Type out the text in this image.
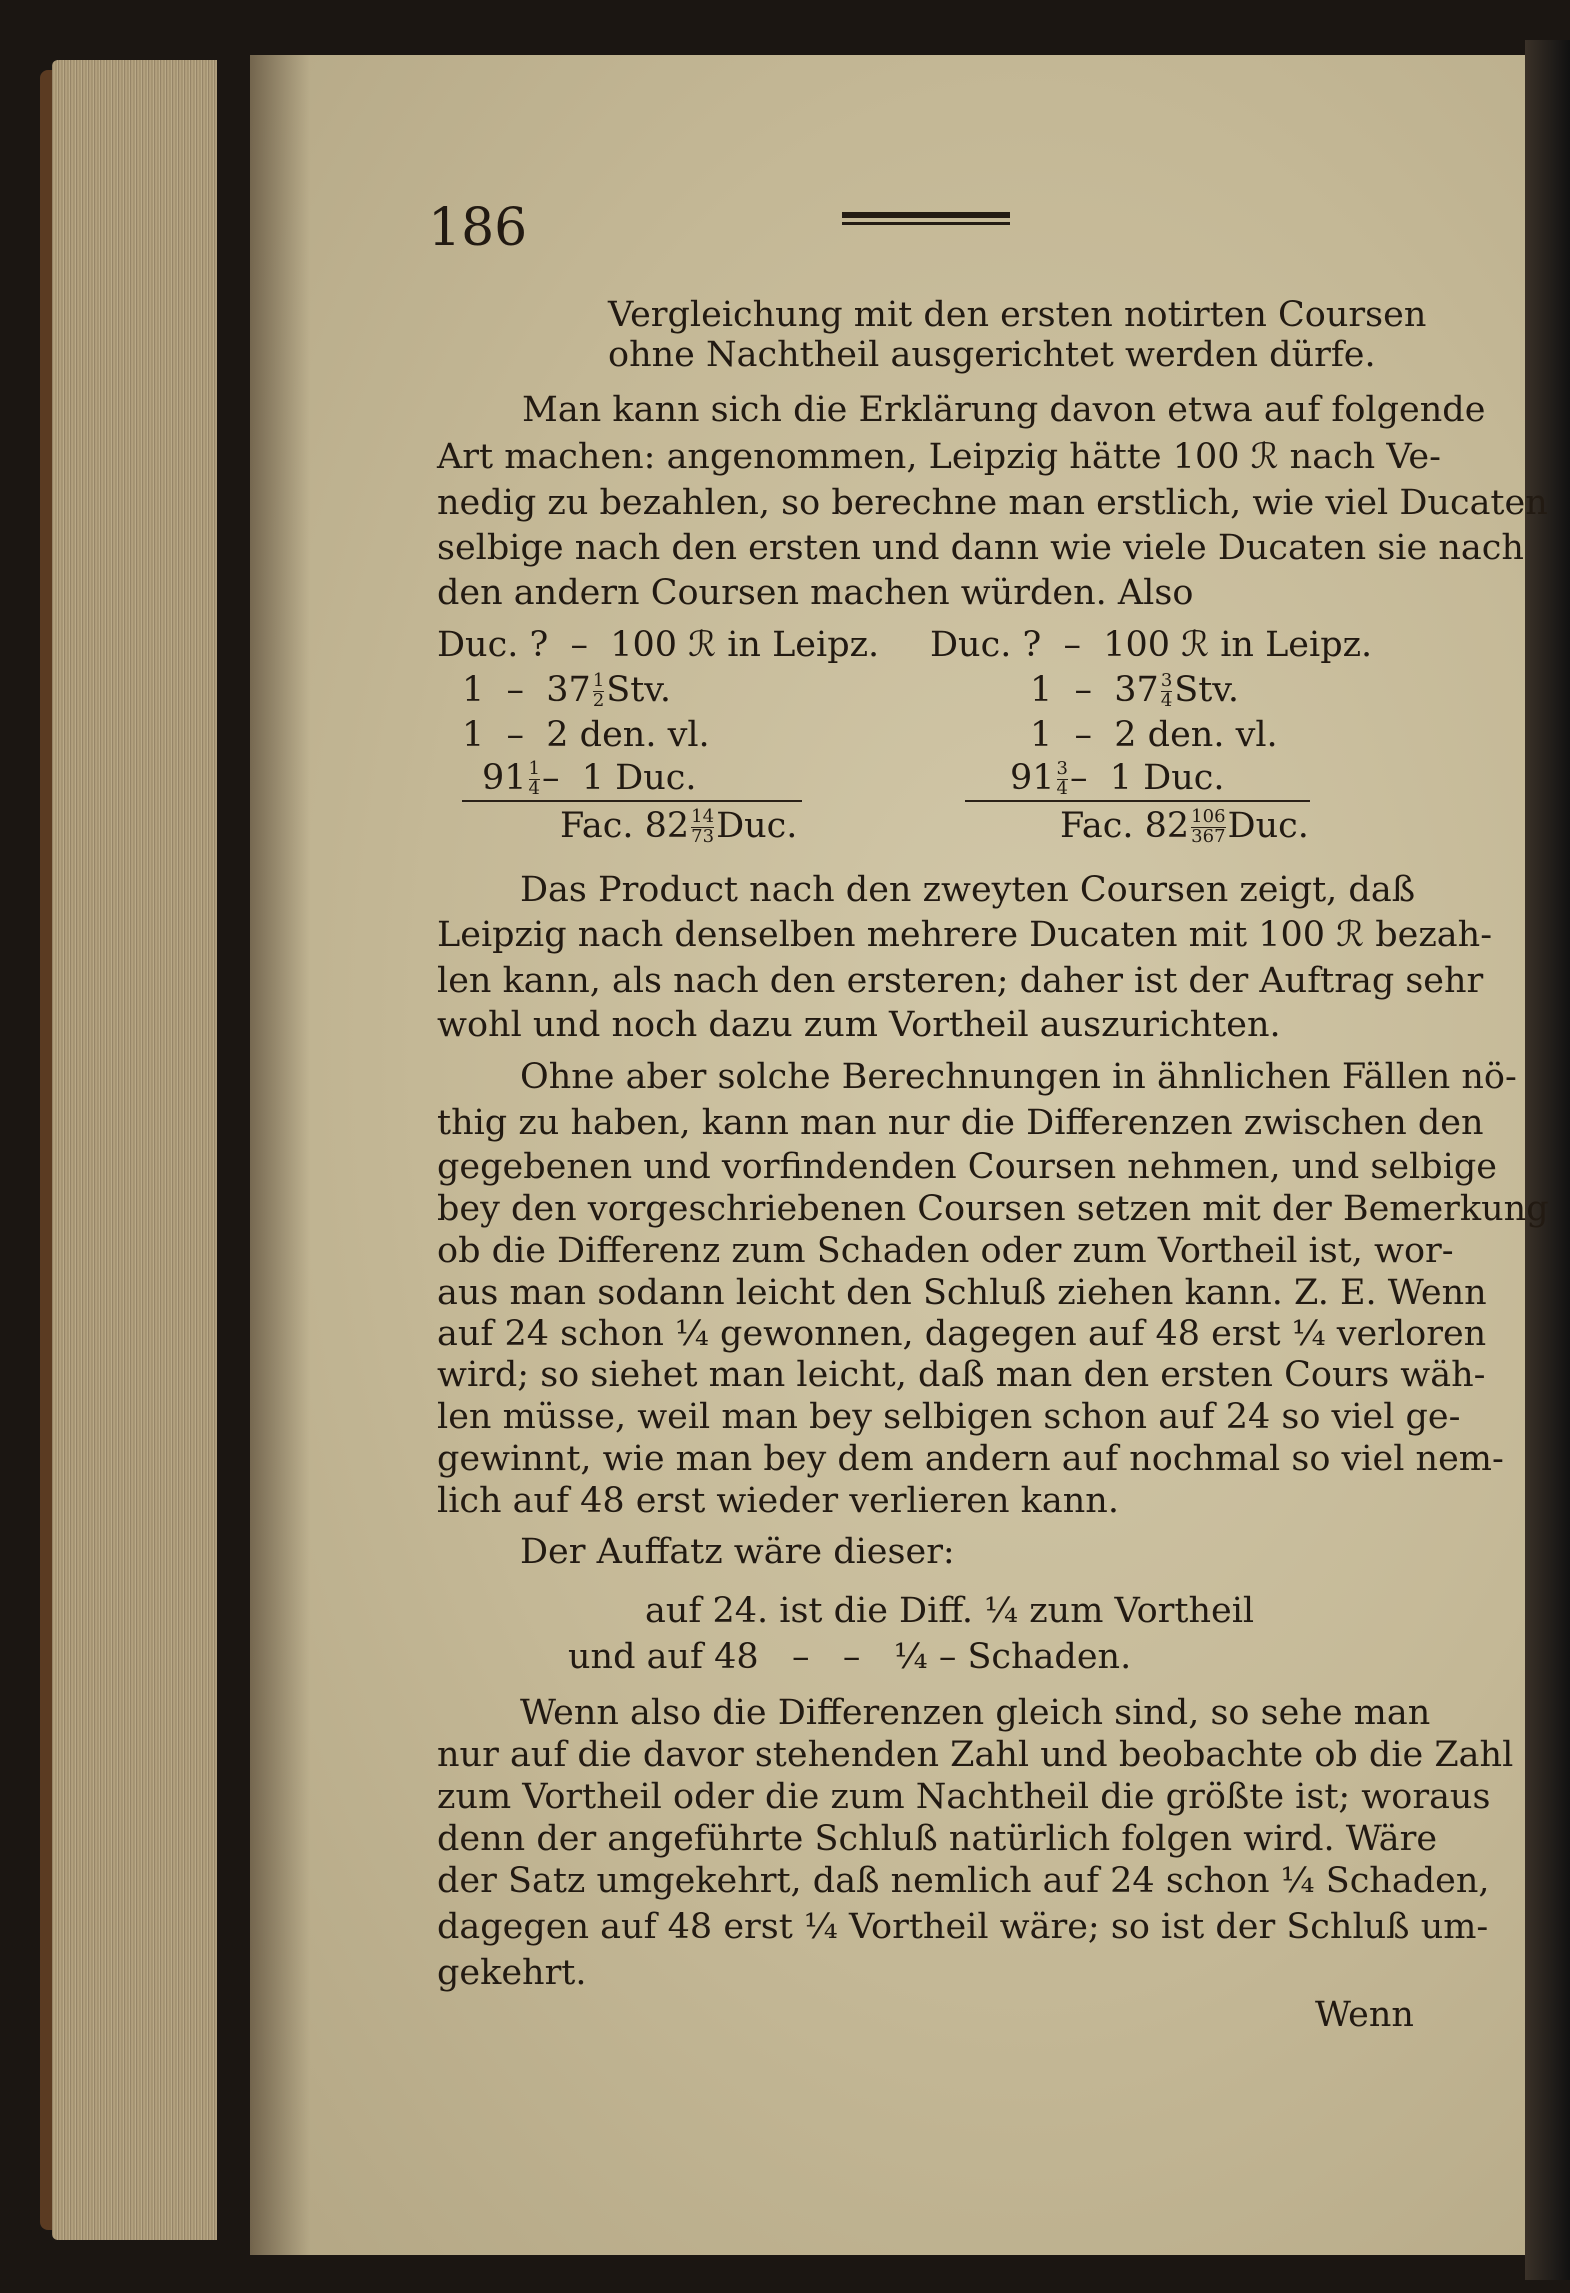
186
Vergleichung mit den ersten notirten Coursen
ohne Nachtheil ausgerichtet werden dürfe.
Man kann sich die Erklärung davon etwa auf folgende
Art machen: angenommen, Leipzig hätte 100 ℛ nach Ve-
nedig zu bezahlen, so berechne man erstlich, wie viel Ducaten
selbige nach den ersten und dann wie viele Ducaten sie nach
den andern Coursen machen würden. Also
Duc. ?  –  100 ℛ in Leipz.
$1 - 37 \frac{1}{2}$ Stv.
1  –  2 den. vl.
$91 \frac{1}{4} - 1$ Duc.
Fac. $82 \frac{14}{73}$ Duc.
Duc. ?  –  100 ℛ in Leipz.
$1 - 37 \frac{3}{4}$ Stv.
1  –  2 den. vl.
$91 \frac{3}{4} - 1$ Duc.
Fac. $82 \frac{106}{367}$ Duc.
Das Product nach den zweyten Coursen zeigt, daß
Leipzig nach denselben mehrere Ducaten mit 100 ℛ bezah-
len kann, als nach den ersteren; daher ist der Auftrag sehr
wohl und noch dazu zum Vortheil auszurichten.
Ohne aber solche Berechnungen in ähnlichen Fällen nö-
thig zu haben, kann man nur die Differenzen zwischen den
gegebenen und vorfindenden Coursen nehmen, und selbige
bey den vorgeschriebenen Coursen setzen mit der Bemerkung
ob die Differenz zum Schaden oder zum Vortheil ist, wor-
aus man sodann leicht den Schluß ziehen kann. Z. E. Wenn
auf 24 schon ¼ gewonnen, dagegen auf 48 erst ¼ verloren
wird; so siehet man leicht, daß man den ersten Cours wäh-
len müsse, weil man bey selbigen schon auf 24 so viel ge-
gewinnt, wie man bey dem andern auf nochmal so viel nem-
lich auf 48 erst wieder verlieren kann.
Der Auffatz wäre dieser:
auf 24. ist die Diff. ¼ zum Vortheil
und auf 48   –   –   ¼ – Schaden.
Wenn also die Differenzen gleich sind, so sehe man
nur auf die davor stehenden Zahl und beobachte ob die Zahl
zum Vortheil oder die zum Nachtheil die größte ist; woraus
denn der angeführte Schluß natürlich folgen wird. Wäre
der Satz umgekehrt, daß nemlich auf 24 schon ¼ Schaden,
dagegen auf 48 erst ¼ Vortheil wäre; so ist der Schluß um-
gekehrt.
Wenn
